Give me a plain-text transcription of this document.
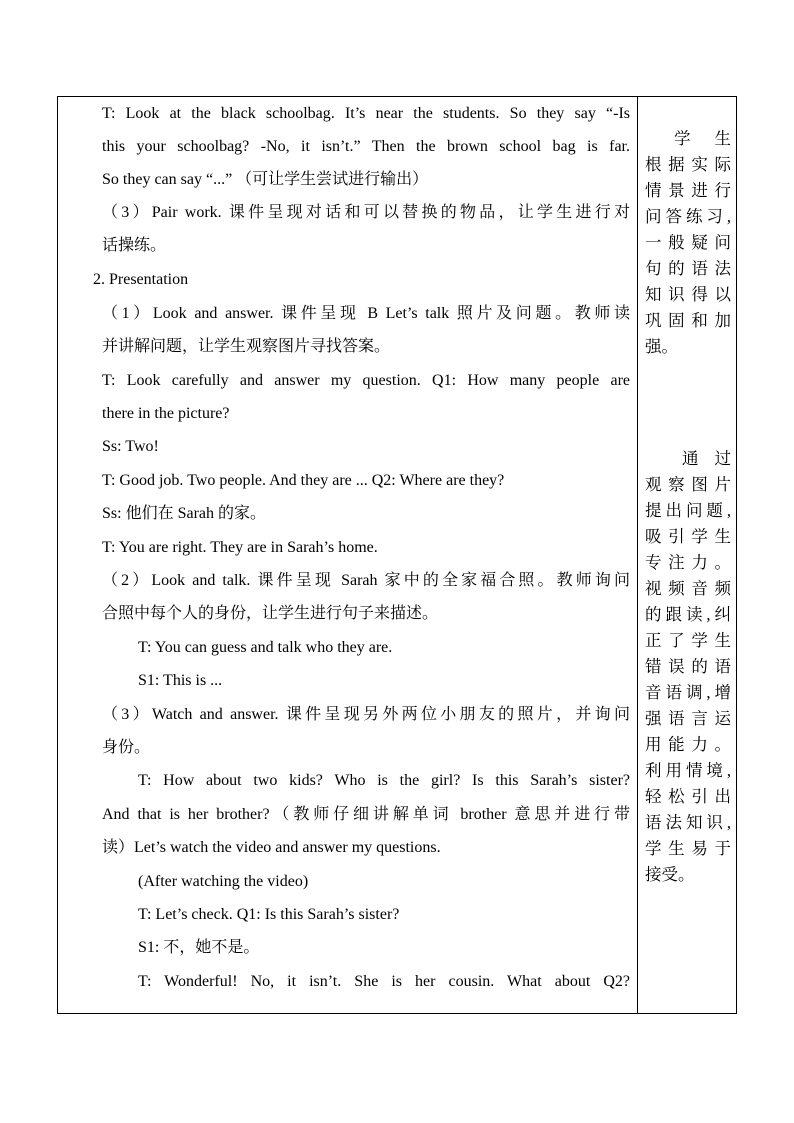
T: Look at the black schoolbag. It’s near the students. So they say “-Is
this your schoolbag? -No, it isn’t.” Then the brown school bag is far.
So they can say “...” （可让学生尝试进行输出）
（3）Pair work. 课件呈现对话和可以替换的物品，让学生进行对
话操练。
2. Presentation
（1）Look and answer. 课件呈现 B Let’s talk 照片及问题。教师读
并讲解问题，让学生观察图片寻找答案。
T: Look carefully and answer my question. Q1: How many people are
there in the picture?
Ss: Two!
T: Good job. Two people. And they are ... Q2: Where are they?
Ss: 他们在 Sarah 的家。
T: You are right. They are in Sarah’s home.
（2）Look and talk. 课件呈现 Sarah 家中的全家福合照。教师询问
合照中每个人的身份，让学生进行句子来描述。
T: You can guess and talk who they are.
S1: This is ...
（3）Watch and answer. 课件呈现另外两位小朋友的照片，并询问
身份。
T: How about two kids? Who is the girl? Is this Sarah’s sister?
And that is her brother?（教师仔细讲解单词 brother 意思并进行带
读）Let’s watch the video and answer my questions.
(After watching the video)
T: Let’s check. Q1: Is this Sarah’s sister?
S1: 不，她不是。
T: Wonderful! No, it isn’t. She is her cousin. What about Q2?
学 生
根据实际
情景进行
问答练习,
一般疑问
句的语法
知识得以
巩固和加
强。
通 过
观察图片
提出问题,
吸引学生
专注力。
视频音频
的跟读,纠
正了学生
错误的语
音语调,增
强语言运
用能力。
利用情境,
轻松引出
语法知识,
学生易于
接受。
